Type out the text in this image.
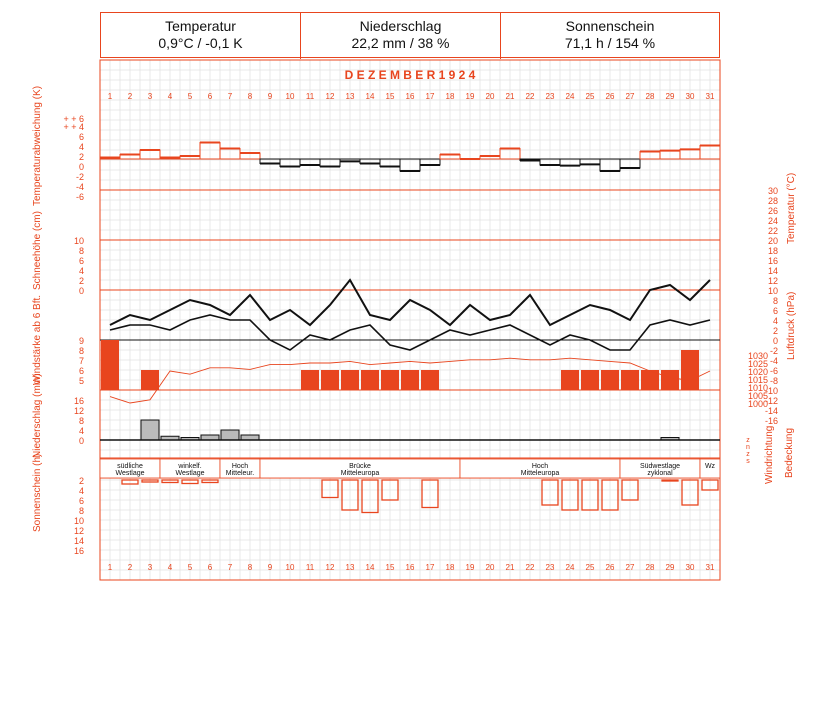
Temperatur
0,9°C / -0,1 K
Niederschlag
22,2 mm / 38 %
Sonnenschein
71,1 h / 154 %
D E Z E M B E R 1 9 2 4
1
1
2
2
3
3
4
4
5
5
6
6
7
7
8
8
9
9
10
10
11
11
12
12
13
13
14
14
15
15
16
16
17
17
18
18
19
19
20
20
21
21
22
22
23
23
24
24
25
25
26
26
27
27
28
28
29
29
30
30
31
31
+ + 6
+ + 4
6
4
2
0
-2
-4
-6
10
8
6
4
2
0
9
8
7
6
5
16
12
8
4
0
2
4
6
8
10
12
14
16
30
28
26
24
22
20
18
16
14
12
10
8
6
4
2
0
-2
-4
-6
-8
-10
-12
-14
-16
1030
1025
1020
1015
1010
1005
1000
z
n
z
s
südliche
Westlage
winkelf.
Westlage
Hoch
Mitteleur.
Brücke
Mitteleuropa
Hoch
Mitteleuropa
Südwestlage
zyklonal
Wz
Temperaturabweichung (K)
Schneehöhe (cm)
Windstärke ab 6 Bft.
Niederschlag (mm)
Sonnenschein (h)
Temperatur (°C)
Luftdruck (hPa)
Windrichtung Bedeckung
